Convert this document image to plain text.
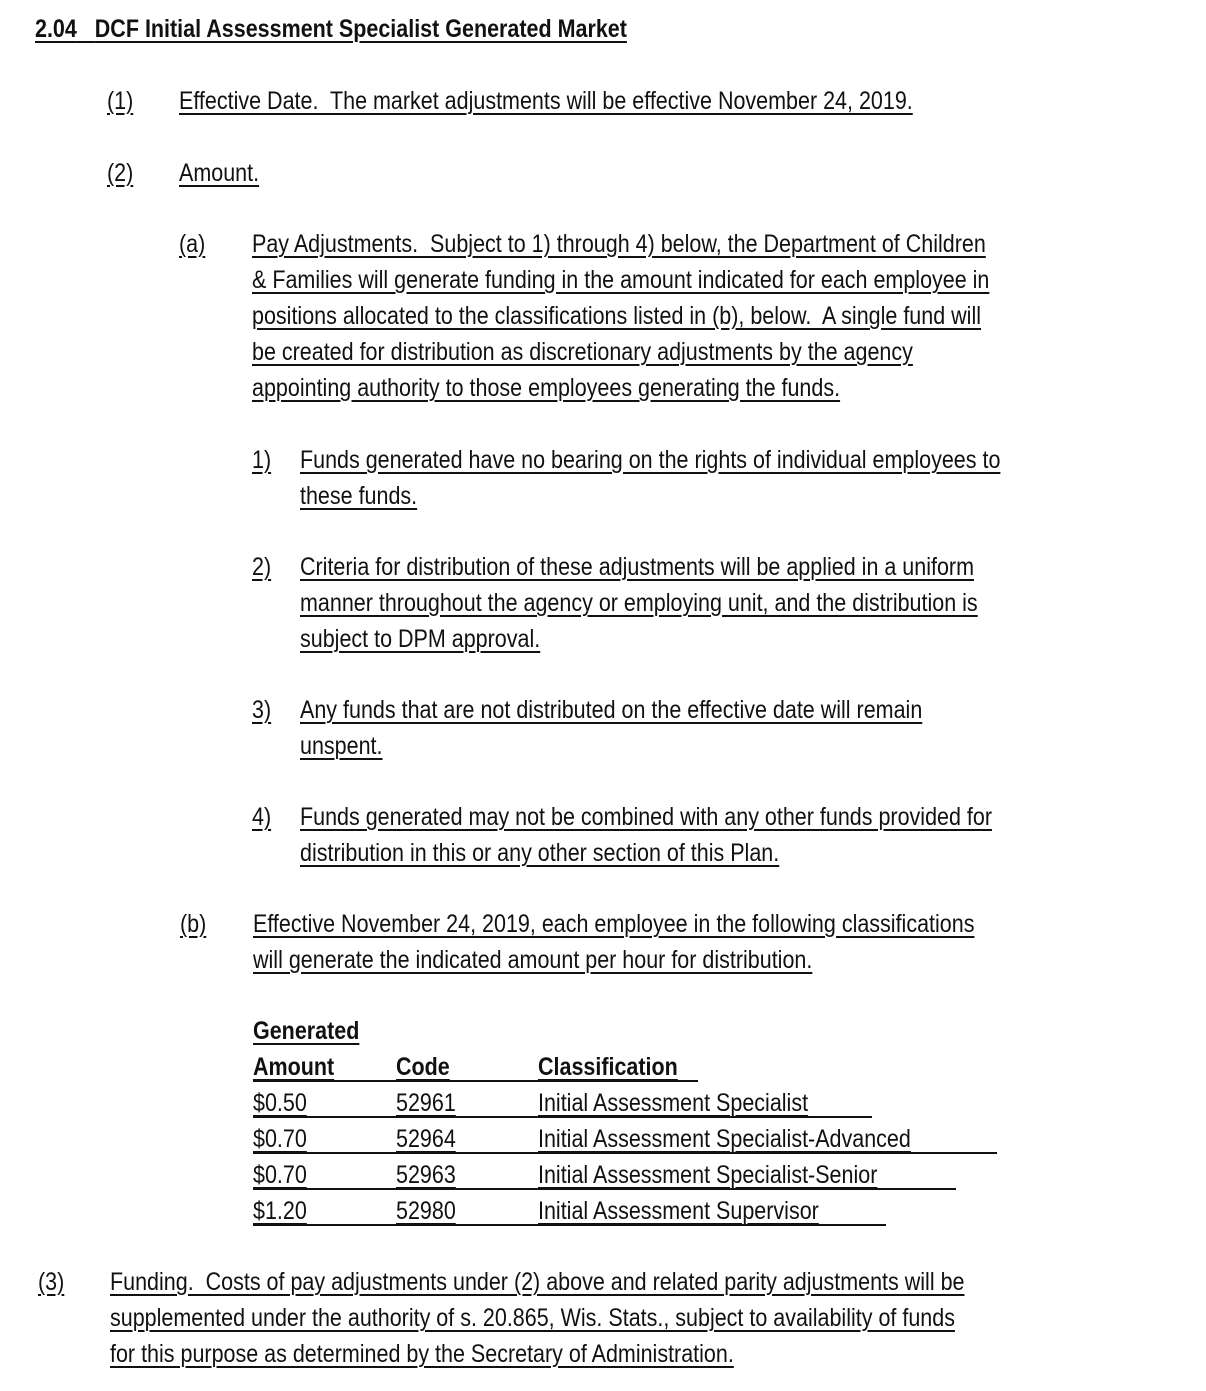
2.04 DCF Initial Assessment Specialist Generated Market
(1) Effective Date.  The market adjustments will be effective November 24, 2019.
(2) Amount.
(a) Pay Adjustments.  Subject to 1) through 4) below, the Department of Children
& Families will generate funding in the amount indicated for each employee in
positions allocated to the classifications listed in (b), below.  A single fund will
be created for distribution as discretionary adjustments by the agency
appointing authority to those employees generating the funds.
1) Funds generated have no bearing on the rights of individual employees to
these funds.
2) Criteria for distribution of these adjustments will be applied in a uniform
manner throughout the agency or employing unit, and the distribution is
subject to DPM approval.
3) Any funds that are not distributed on the effective date will remain
unspent.
4) Funds generated may not be combined with any other funds provided for
distribution in this or any other section of this Plan.
(b) Effective November 24, 2019, each employee in the following classifications
will generate the indicated amount per hour for distribution.
Generated
Amount Code	Classification
$0.50	52961	Initial Assessment Specialist
$0.70	52964	Initial Assessment Specialist-Advanced
$0.70	52963	Initial Assessment Specialist-Senior
$1.20	52980	Initial Assessment Supervisor
(3) Funding.  Costs of pay adjustments under (2) above and related parity adjustments will be
supplemented under the authority of s. 20.865, Wis. Stats., subject to availability of funds
for this purpose as determined by the Secretary of Administration.
